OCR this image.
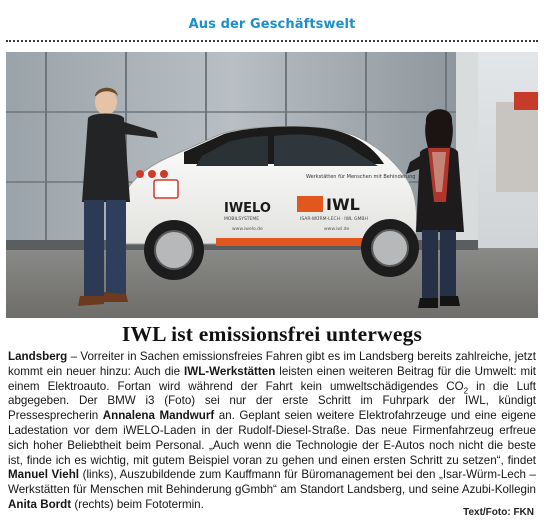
Aus der Geschäftswelt
IWELO
MOBILSYSTEME
IWL
ISAR-WÜRM-LECH · IWL GMBH
Werkstätten für Menschen mit Behinderung
www.iwelo.de	www.iwl.de
IWL ist emissionsfrei unterwegs
Landsberg – Vorreiter in Sachen emissionsfreies Fahren gibt es im Landsberg bereits zahlreiche, jetzt kommt ein neuer hinzu: Auch die IWL-Werkstätten leisten einen weiteren Beitrag für die Umwelt: mit einem Elektroauto. Fortan wird während der Fahrt kein umweltschädigendes $CO_2$ in die Luft abgegeben. Der BMW i3 (Foto) sei nur der erste Schritt im Fuhrpark der IWL, kündigt Pressesprecherin Annalena Mandwurf an. Geplant seien weitere Elektrofahrzeuge und eine eigene Ladestation vor dem iWELO-Laden in der Rudolf-Diesel-Straße. Das neue Firmenfahrzeug erfreue sich hoher Beliebtheit beim Personal. „Auch wenn die Technologie der E-Autos noch nicht die beste ist, finde ich es wichtig, mit gutem Beispiel voran zu gehen und einen ersten Schritt zu setzen“, findet Manuel Viehl (links), Auszubildende zum Kauffmann für Büromanagement bei den „Isar-Würm-Lech – Werkstätten für Menschen mit Behinderung gGmbh“ am Standort Landsberg, und seine Azubi-Kollegin Anita Bordt (rechts) beim Fototermin.
Text/Foto: FKN
